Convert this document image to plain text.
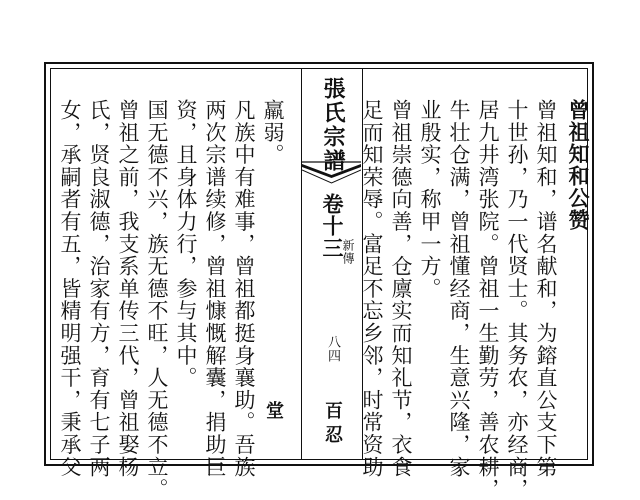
羸弱。
凡族中有难事，曾祖都挺身襄助。吾族
两次宗谱续修，曾祖慷慨解囊，捐助巨
资，且身体力行，参与其中。
国无德不兴，族无德不旺，人无德不立。
曾祖之前，我支系单传三代，曾祖娶杨
氏，贤良淑德，治家有方，育有七子两
女，承嗣者有五，皆精明强干，秉承父	張氏宗譜
卷十三
新傳
八四
百忍堂
曾祖知和公赞
曾祖知和，谱名献和，为鎔直公支下第
十世孙，乃一代贤士。其务农，亦经商，
居九井湾张院。曾祖一生勤劳，善农耕，
牛壮仓满，曾祖懂经商，生意兴隆，家
业殷实，称甲一方。
曾祖崇德向善，仓廪实而知礼节，衣食
足而知荣辱。富足不忘乡邻，时常资助
